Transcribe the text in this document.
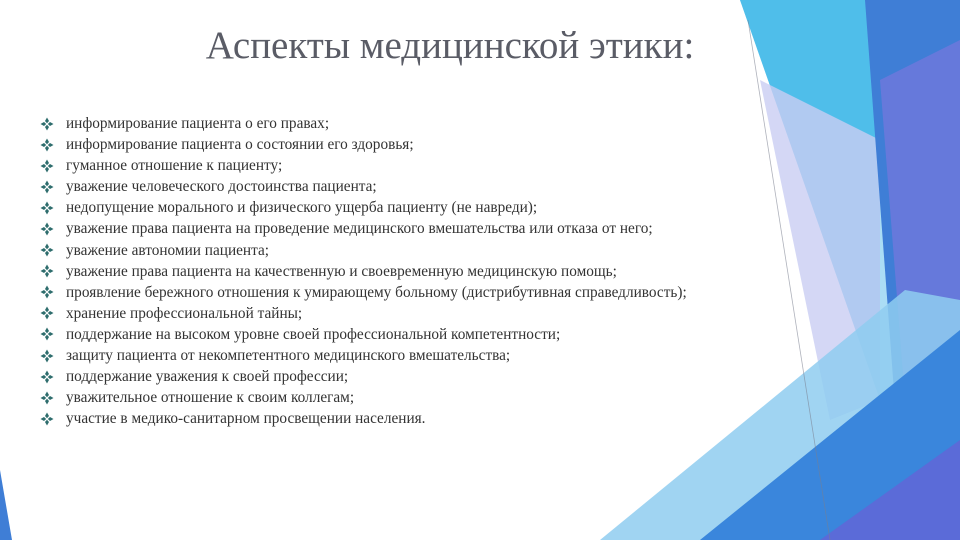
Аспекты медицинской этики:
информирование пациента о его правах;
информирование пациента о состоянии его здоровья;
гуманное отношение к пациенту;
уважение человеческого достоинства пациента;
недопущение морального и физического ущерба пациенту (не навреди);
уважение права пациента на проведение медицинского вмешательства или отказа от него;
уважение автономии пациента;
уважение права пациента на качественную и своевременную медицинскую помощь;
проявление бережного отношения к умирающему больному (дистрибутивная справедливость);
хранение профессиональной тайны;
поддержание на высоком уровне своей профессиональной компетентности;
защиту пациента от некомпетентного медицинского вмешательства;
поддержание уважения к своей профессии;
уважительное отношение к своим коллегам;
участие в медико-санитарном просвещении населения.
